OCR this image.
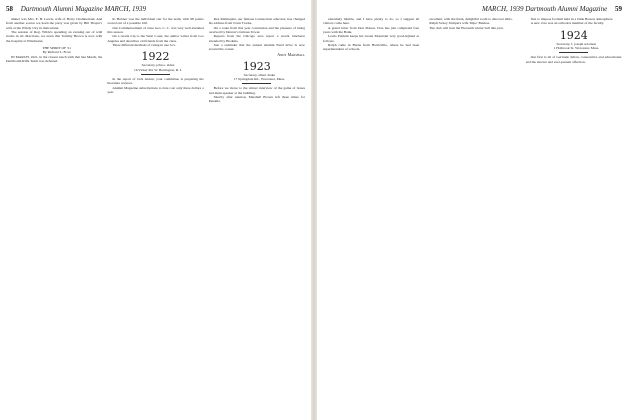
58 Dartmouth Alumni Magazine MARCH, 1939

dinner was Mrs. E. B. Lewis, wife of Harry Chamberlain. And from another source we learn the party was given by Bill Thayer's wife at the Windy City in mid-winter.

The session of Reg. Wilde's spending an evening out of wild tracks in all directions, we learn that Tommy Brown is now with the hospital at Winchester.

THE SPIRIT OF '21

By Richard L. Frost

IN MARCH, 1921, in the closest touch with that late March, the Dartmouth Rifle Team was defeated.

R. Hebner was the individual star for the team, with 98 points scored out of a possible 100.

Our Commencement of class Geo. C. C. was very well attended this season.

On a recent trip to the West Coast, the author writes from Los Angeles and describes old friends from the class.

Three different methods of rating in use Jo's.

1922

Secretary, john e. alden

16 Vicker Rd. W. Barrington, R. I.

In the report of Jack Alsten, your committee is preparing his literature reviews.

Alumni Magazine subscriptions to date cost only three dollars a year.

Rex Malmquist, our famous Connecticut educator, has changed his address from Town Tracks.

On a route from this year convention and the pleasure of being received by Denver's famous Tower.

Reports from the Chicago area report a recent luncheon attended by Hoskins.

Just a reminder that the annual Alumni Fund drive is now around the corner.

Andy Marshall

1923

Secretary, albert drake

17 Springdale Rd., Worcester, Mass.

Before we move to the winter interview of the game of bones and main speaker at the building.

Shortly after reunion, Marshall Brown left three times for Panama.

MARCH, 1939 Dartmouth Alumni Magazine 59

extremely likable, and I have plenty to do, so I suggest all visitors come here.

A grand letter from Don Mason. Don has just completed four years with the Bank.

Lewis Putnam keeps his Green Mountain very good-lighted as follows.

Ralph came in Burns from Harrisville, where he had been superintendent of schools.

excellent, with the fresh, delightful room to discover Ohio.

Ralph Stoley Temple's wife 'Dipo' Bushoe.

The club will host the Eleventh winter ball this year.

first to impose football held in a brisk Boston atmosphere.

A new vote was an orthodox member of the faculty.

1924

Secretary, f. joseph solomon

1 Holbrook St. Worcester, Mass.

Our first is all of Gertrude Julian, consecutive and educational, and the sincere and ever-present affection.
